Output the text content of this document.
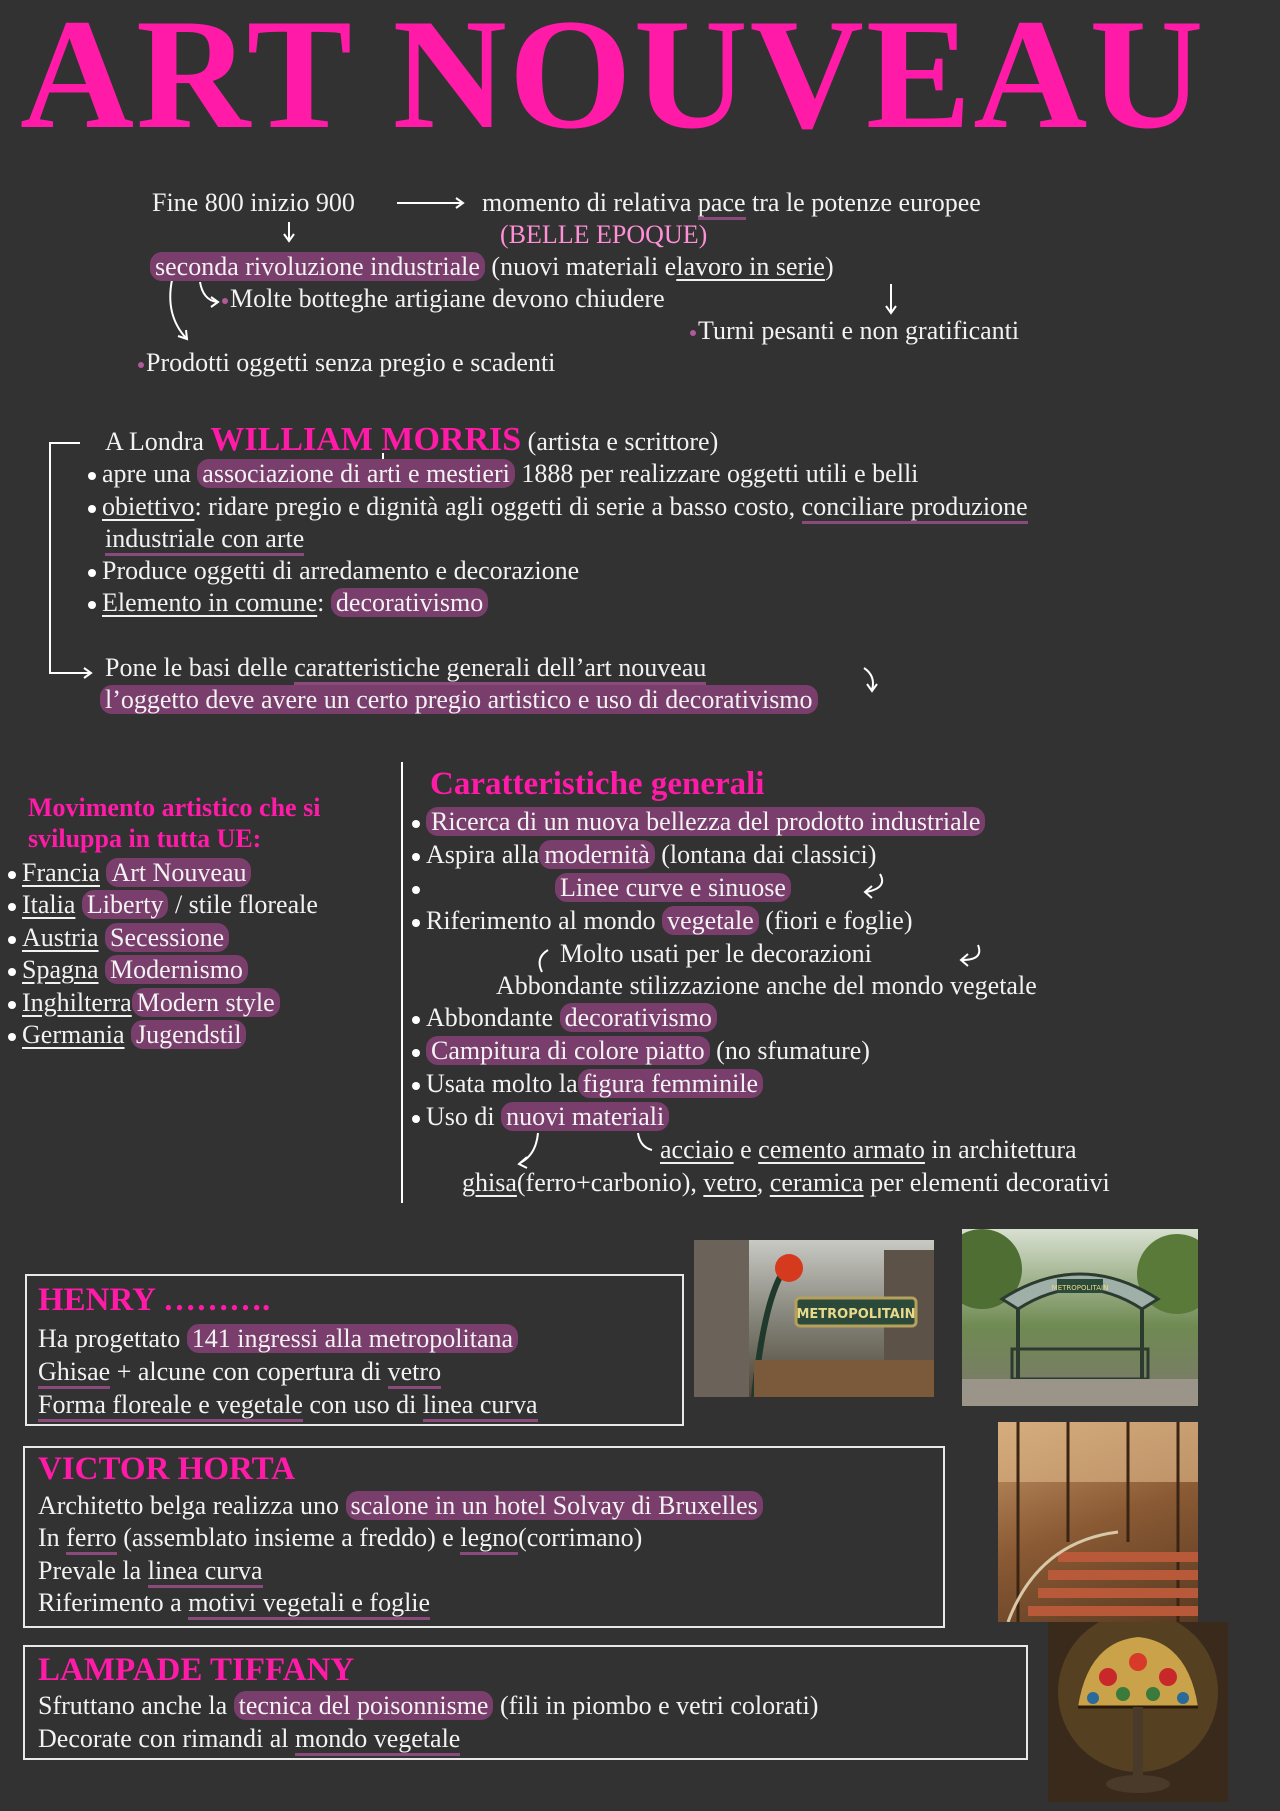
ART NOUVEAU
Fine 800 inizio 900	momento di relativa pace tra le potenze europee
(BELLE EPOQUE)
seconda rivoluzione industriale (nuovi materiali elavoro in serie)
Molte botteghe artigiane devono chiudere
Turni pesanti e non gratificanti
Prodotti oggetti senza pregio e scadenti
A Londra WILLIAM MORRIS (artista e scrittore)
apre una associazione di arti e mestieri 1888 per realizzare oggetti utili e belli
obiettivo: ridare pregio e dignità agli oggetti di serie a basso costo, conciliare produzione
industriale con arte
Produce oggetti di arredamento e decorazione
Elemento in comune: decorativismo
Pone le basi delle caratteristiche generali dell’art nouveau
l’oggetto deve avere un certo pregio artistico e uso di decorativismo
Movimento artistico che si
sviluppa in tutta UE:
Francia Art Nouveau
Italia Liberty / stile floreale
Austria Secessione
Spagna Modernismo
Inghilterra Modern style
Germania Jugendstil
Caratteristiche generali
Ricerca di un nuova bellezza del prodotto industriale
Aspira alla modernità (lontana dai classici)
Linee curve e sinuose
Riferimento al mondo vegetale (fiori e foglie)
Molto usati per le decorazioni
Abbondante stilizzazione anche del mondo vegetale
Abbondante decorativismo
Campitura di colore piatto (no sfumature)
Usata molto la figura femminile
Uso di nuovi materiali
acciaio e cemento armato in architettura
ghisa(ferro+carbonio), vetro, ceramica per elementi decorativi
HENRY ……….
Ha progettato 141 ingressi alla metropolitana
Ghisae + alcune con copertura di vetro
Forma floreale e vegetale con uso di linea curva
METROPOLITAIN
METROPOLITAIN
VICTOR HORTA
Architetto belga realizza uno scalone in un hotel Solvay di Bruxelles
In ferro (assemblato insieme a freddo) e legno(corrimano)
Prevale la linea curva
Riferimento a motivi vegetali e foglie
LAMPADE TIFFANY
Sfruttano anche la tecnica del poisonnisme (fili in piombo e vetri colorati)
Decorate con rimandi al mondo vegetale
